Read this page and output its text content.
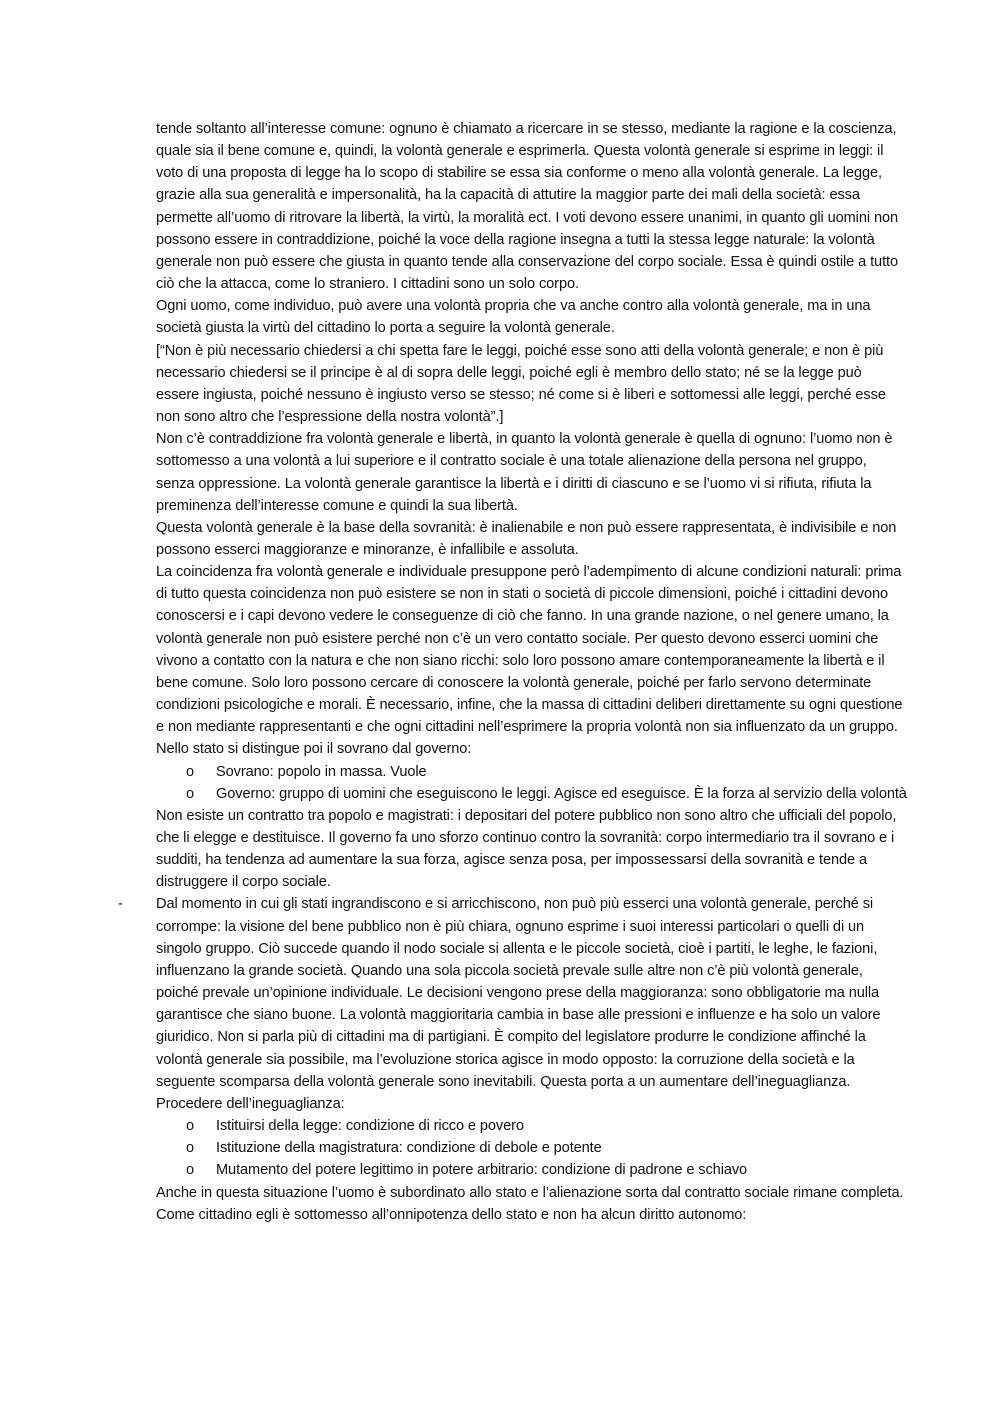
tende soltanto all’interesse comune: ognuno è chiamato a ricercare in se stesso, mediante la ragione e la coscienza, quale sia il bene comune e, quindi, la volontà generale e esprimerla. Questa volontà generale si esprime in leggi: il voto di una proposta di legge ha lo scopo di stabilire se essa sia conforme o meno alla volontà generale. La legge, grazie alla sua generalità e impersonalità, ha la capacità di attutire la maggior parte dei mali della società: essa permette all’uomo di ritrovare la libertà, la virtù, la moralità ect. I voti devono essere unanimi, in quanto gli uomini non possono essere in contraddizione, poiché la voce della ragione insegna a tutti la stessa legge naturale: la volontà generale non può essere che giusta in quanto tende alla conservazione del corpo sociale. Essa è quindi ostile a tutto ciò che la attacca, come lo straniero. I cittadini sono un solo corpo.

Ogni uomo, come individuo, può avere una volontà propria che va anche contro alla volontà generale, ma in una società giusta la virtù del cittadino lo porta a seguire la volontà generale.

[“Non è più necessario chiedersi a chi spetta fare le leggi, poiché esse sono atti della volontà generale; e non è più necessario chiedersi se il principe è al di sopra delle leggi, poiché egli è membro dello stato; né se la legge può essere ingiusta, poiché nessuno è ingiusto verso se stesso; né come si è liberi e sottomessi alle leggi, perché esse non sono altro che l’espressione della nostra volontà”.]

Non c’è contraddizione fra volontà generale e libertà, in quanto la volontà generale è quella di ognuno: l’uomo non è sottomesso a una volontà a lui superiore e il contratto sociale è una totale alienazione della persona nel gruppo, senza oppressione. La volontà generale garantisce la libertà e i diritti di ciascuno e se l’uomo vi si rifiuta, rifiuta la preminenza dell’interesse comune e quindi la sua libertà.

Questa volontà generale è la base della sovranità: è inalienabile e non può essere rappresentata, è indivisibile e non possono esserci maggioranze e minoranze, è infallibile e assoluta.

La coincidenza fra volontà generale e individuale presuppone però l’adempimento di alcune condizioni naturali: prima di tutto questa coincidenza non può esistere se non in stati o società di piccole dimensioni, poiché i cittadini devono conoscersi e i capi devono vedere le conseguenze di ciò che fanno. In una grande nazione, o nel genere umano, la volontà generale non può esistere perché non c’è un vero contatto sociale. Per questo devono esserci uomini che vivono a contatto con la natura e che non siano ricchi: solo loro possono amare contemporaneamente la libertà e il bene comune. Solo loro possono cercare di conoscere la volontà generale, poiché per farlo servono determinate condizioni psicologiche e morali. È necessario, infine, che la massa di cittadini deliberi direttamente su ogni questione e non mediante rappresentanti e che ogni cittadini nell’esprimere la propria volontà non sia influenzato da un gruppo.

Nello stato si distingue poi il sovrano dal governo:

o Sovrano: popolo in massa. Vuole
o Governo: gruppo di uomini che eseguiscono le leggi. Agisce ed eseguisce. È la forza al servizio della volontà

Non esiste un contratto tra popolo e magistrati: i depositari del potere pubblico non sono altro che ufficiali del popolo, che li elegge e destituisce. Il governo fa uno sforzo continuo contro la sovranità: corpo intermediario tra il sovrano e i sudditi, ha tendenza ad aumentare la sua forza, agisce senza posa, per impossessarsi della sovranità e tende a distruggere il corpo sociale.

- Dal momento in cui gli stati ingrandiscono e si arricchiscono, non può più esserci una volontà generale, perché si corrompe: la visione del bene pubblico non è più chiara, ognuno esprime i suoi interessi particolari o quelli di un singolo gruppo. Ciò succede quando il nodo sociale si allenta e le piccole società, cioè i partiti, le leghe, le fazioni, influenzano la grande società. Quando una sola piccola società prevale sulle altre non c’è più volontà generale, poiché prevale un’opinione individuale. Le decisioni vengono prese della maggioranza: sono obbligatorie ma nulla garantisce che siano buone. La volontà maggioritaria cambia in base alle pressioni e influenze e ha solo un valore giuridico. Non si parla più di cittadini ma di partigiani. È compito del legislatore produrre le condizione affinché la volontà generale sia possibile, ma l’evoluzione storica agisce in modo opposto: la corruzione della società e la seguente scomparsa della volontà generale sono inevitabili. Questa porta a un aumentare dell’ineguaglianza.

Procedere dell’ineguaglianza:

o Istituirsi della legge: condizione di ricco e povero
o Istituzione della magistratura: condizione di debole e potente
o Mutamento del potere legittimo in potere arbitrario: condizione di padrone e schiavo

Anche in questa situazione l’uomo è subordinato allo stato e l’alienazione sorta dal contratto sociale rimane completa. Come cittadino egli è sottomesso all’onnipotenza dello stato e non ha alcun diritto autonomo:
